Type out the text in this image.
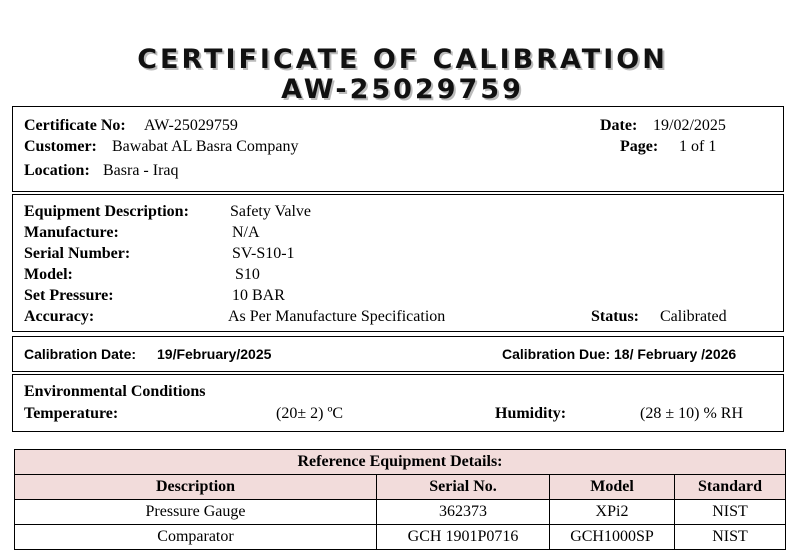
CERTIFICATE OF CALIBRATION
AW-25029759
Certificate No: AW-25029759
Customer: Bawabat AL Basra Company
Location: Basra - Iraq
Date: 19/02/2025
Page: 1 of 1
Equipment Description:	Safety Valve
Manufacture:	N/A
Serial Number:	SV-S10-1
Model:	S10
Set Pressure:	10 BAR
Accuracy:	As Per Manufacture Specification	Status: Calibrated
Calibration Date: 19/February/2025	Calibration Due: 18/ February /2026
Environmental Conditions
Temperature:	(20± 2) ºC	Humidity:	(28 ± 10) % RH
Reference Equipment Details:			
Description	Serial No.	Model	Standard
Pressure Gauge	362373	XPi2	NIST
Comparator	GCH 1901P0716	GCH1000SP	NIST
